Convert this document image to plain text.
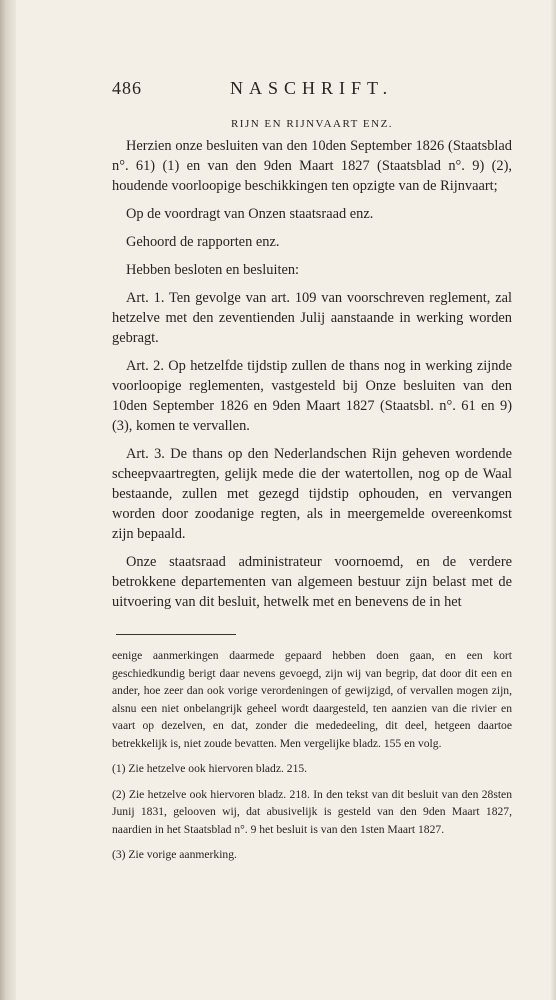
486	NASCHRIFT.
RIJN EN RIJNVAART ENZ.

Herzien onze besluiten van den 10den September 1826 (Staatsblad n°. 61) (1) en van den 9den Maart 1827 (Staatsblad n°. 9) (2), houdende voorloopige beschikkingen ten opzigte van de Rijnvaart;

Op de voordragt van Onzen staatsraad enz.

Gehoord de rapporten enz.

Hebben besloten en besluiten:

Art. 1. Ten gevolge van art. 109 van voorschreven reglement, zal hetzelve met den zeventienden Julij aanstaande in werking worden gebragt.

Art. 2. Op hetzelfde tijdstip zullen de thans nog in werking zijnde voorloopige reglementen, vastgesteld bij Onze besluiten van den 10den September 1826 en 9den Maart 1827 (Staatsbl. n°. 61 en 9) (3), komen te vervallen.

Art. 3. De thans op den Nederlandschen Rijn geheven wordende scheepvaartregten, gelijk mede die der watertollen, nog op de Waal bestaande, zullen met gezegd tijdstip ophouden, en vervangen worden door zoodanige regten, als in meergemelde overeenkomst zijn bepaald.

Onze staatsraad administrateur voornoemd, en de verdere betrokkene departementen van algemeen bestuur zijn belast met de uitvoering van dit besluit, hetwelk met en benevens de in het

eenige aanmerkingen daarmede gepaard hebben doen gaan, en een kort geschiedkundig berigt daar nevens gevoegd, zijn wij van begrip, dat door dit een en ander, hoe zeer dan ook vorige verordeningen of gewijzigd, of vervallen mogen zijn, alsnu een niet onbelangrijk geheel wordt daargesteld, ten aanzien van die rivier en vaart op dezelven, en dat, zonder die mededeeling, dit deel, hetgeen daartoe betrekkelijk is, niet zoude bevatten. Men vergelijke bladz. 155 en volg.

(1) Zie hetzelve ook hiervoren bladz. 215.

(2) Zie hetzelve ook hiervoren bladz. 218. In den tekst van dit besluit van den 28sten Junij 1831, gelooven wij, dat abusivelijk is gesteld van den 9den Maart 1827, naardien in het Staatsblad n°. 9 het besluit is van den 1sten Maart 1827.

(3) Zie vorige aanmerking.
